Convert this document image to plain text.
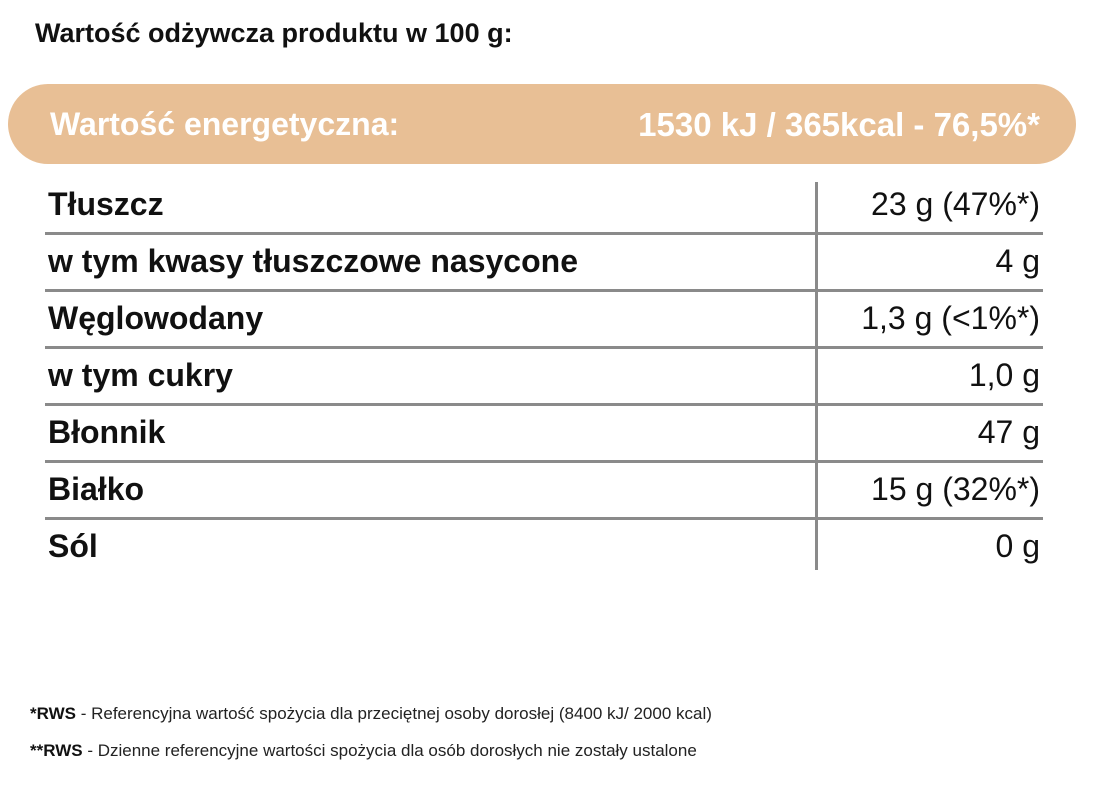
Wartość odżywcza produktu w 100 g:
Wartość energetyczna:	1530 kJ / 365kcal - 76,5%*
Tłuszcz	23 g (47%*)
w tym kwasy tłuszczowe nasycone	4 g
Węglowodany	1,3 g (<1%*)
w tym cukry	1,0 g
Błonnik	47 g
Białko	15 g (32%*)
Sól	0 g
*RWS - Referencyjna wartość spożycia dla przeciętnej osoby dorosłej (8400 kJ/ 2000 kcal)
**RWS - Dzienne referencyjne wartości spożycia dla osób dorosłych nie zostały ustalone
